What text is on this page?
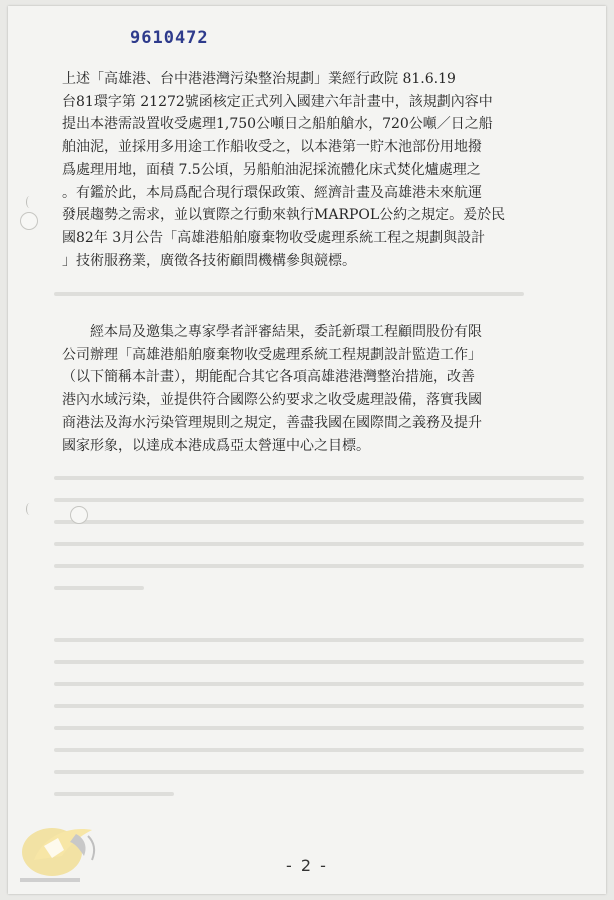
9610472
上述「高雄港、台中港港灣污染整治規劃」業經行政院 81.6.19
台81環字第 21272號函核定正式列入國建六年計畫中，該規劃內容中
提出本港需設置收受處理1,750公噸日之船舶艙水，720公噸／日之船
舶油泥，並採用多用途工作船收受之，以本港第一貯木池部份用地撥
爲處理用地，面積 7.5公頃，另船舶油泥採流體化床式焚化爐處理之
。有鑑於此，本局爲配合現行環保政策、經濟計畫及高雄港未來航運
發展趨勢之需求，並以實際之行動來執行MARPOL公約之規定。爰於民
國82年 3月公告「高雄港船舶廢棄物收受處理系統工程之規劃與設計
」技術服務業，廣徵各技術顧問機構參與競標。
經本局及邀集之專家學者評審結果，委託新環工程顧問股份有限
公司辦理「高雄港船舶廢棄物收受處理系統工程規劃設計監造工作」
（以下簡稱本計畫），期能配合其它各項高雄港港灣整治措施，改善
港內水域污染，並提供符合國際公約要求之收受處理設備，落實我國
商港法及海水污染管理規則之規定，善盡我國在國際間之義務及提升
國家形象，以達成本港成爲亞太營運中心之目標。
- 2 -
